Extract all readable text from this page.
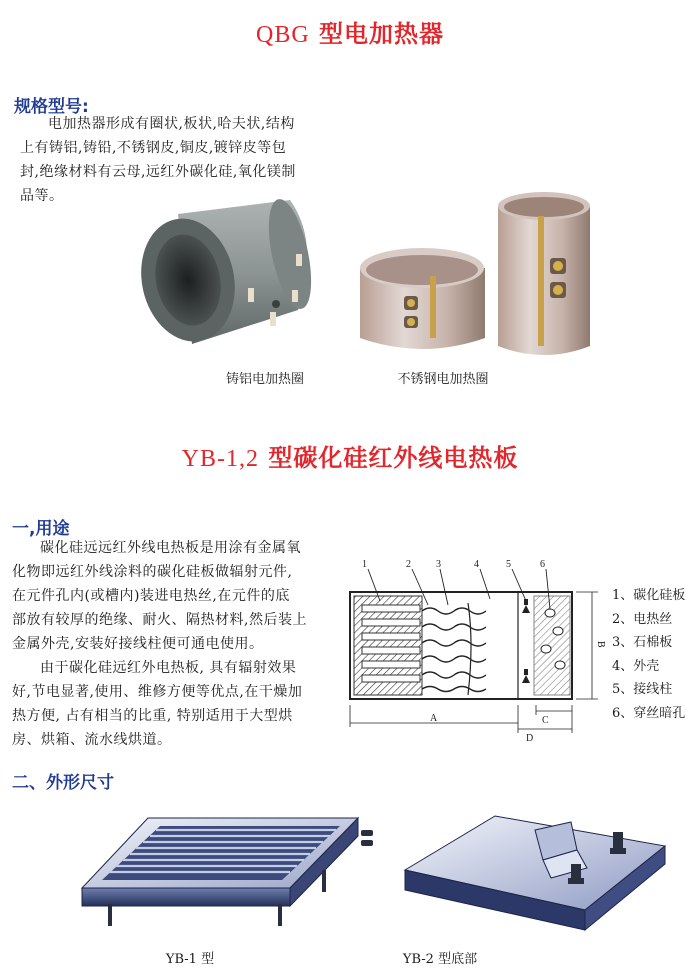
QBG 型电加热器
规格型号:
电加热器形成有圈状,板状,哈夫状,结构
上有铸铝,铸铅,不锈钢皮,铜皮,镀锌皮等包
封,绝缘材料有云母,远红外碳化硅,氧化镁制
品等。
铸铝电加热圈	不锈钢电加热圈
YB-1,2 型碳化硅红外线电热板
一,用途
碳化硅远远红外线电热板是用涂有金属氧
化物即远红外线涂料的碳化硅板做辐射元件,
在元件孔内(或槽内)装进电热丝,在元件的底
部放有较厚的绝缘、耐火、隔热材料,然后装上
金属外壳,安装好接线柱便可通电使用。
由于碳化硅远红外电热板, 具有辐射效果
好,节电显著,使用、维修方便等优点,在干燥加
热方便, 占有相当的比重, 特别适用于大型烘
房、烘箱、流水线烘道。
1	2	3	4	5	6
A	C
D
B
1、碳化硅板
2、电热丝
3、石棉板
4、外壳
5、接线柱
6、穿丝暗孔
二、外形尺寸
YB-1 型	YB-2 型底部
